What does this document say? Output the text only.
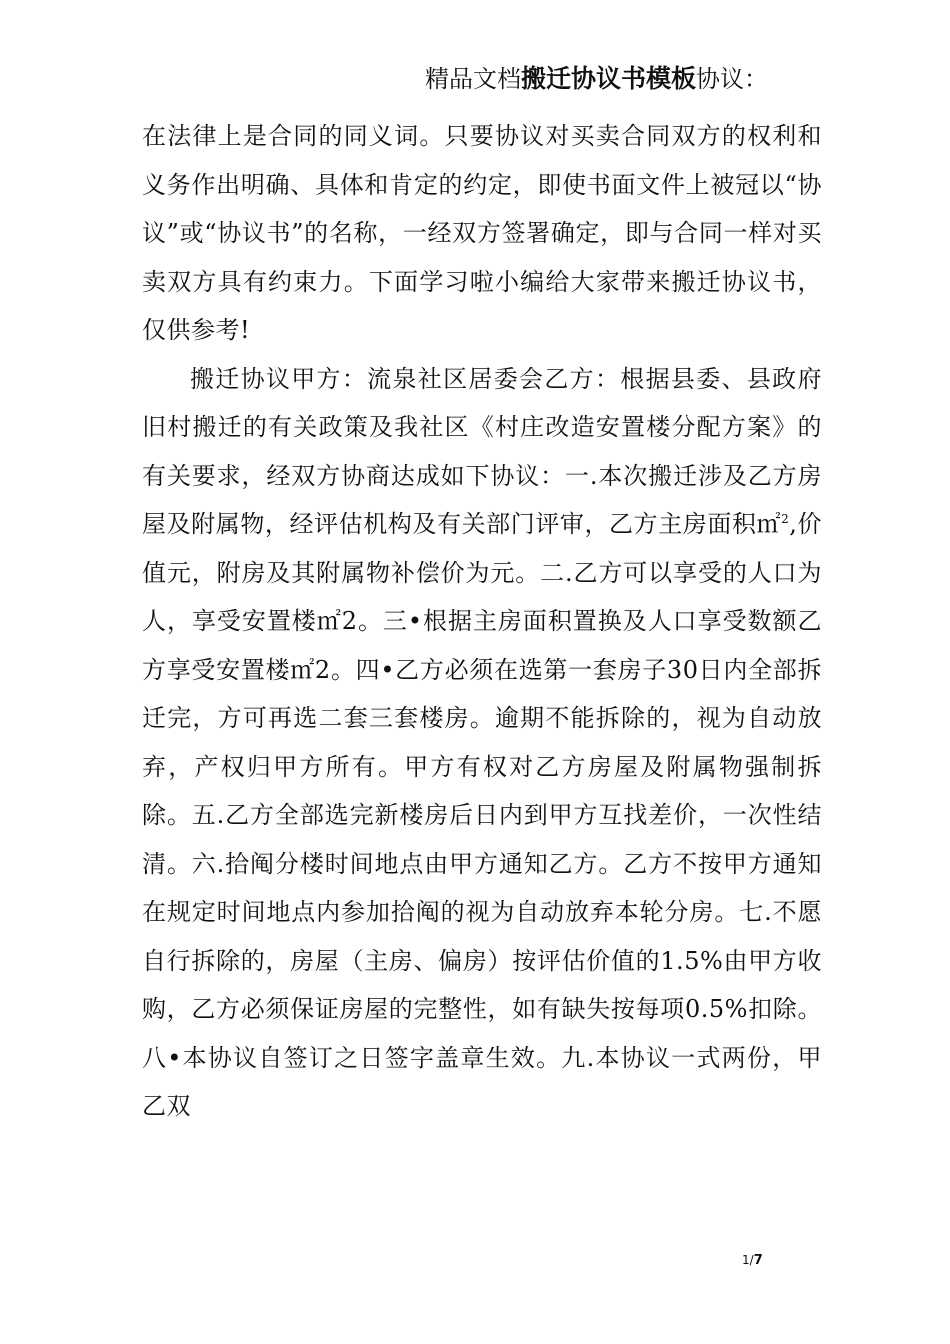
精品文档搬迁协议书模板协议：

在法律上是合同的同义词。只要协议对买卖合同双方的权利和义务作出明确、具体和肯定的约定，即使书面文件上被冠以“协议”或“协议书”的名称，一经双方签署确定，即与合同一样对买卖双方具有约束力。下面学习啦小编给大家带来搬迁协议书，仅供参考!

搬迁协议甲方：流泉社区居委会乙方：根据县委、县政府旧村搬迁的有关政策及我社区《村庄改造安置楼分配方案》的有关要求，经双方协商达成如下协议：一.本次搬迁涉及乙方房屋及附属物，经评估机构及有关部门评审，乙方主房面积㎡$^2$,价值元，附房及其附属物补偿价为元。二.乙方可以享受的人口为人，享受安置楼㎡2。三•根据主房面积置换及人口享受数额乙方享受安置楼㎡2。四•乙方必须在选第一套房子30日内全部拆迁完，方可再选二套三套楼房。逾期不能拆除的，视为自动放弃，产权归甲方所有。甲方有权对乙方房屋及附属物强制拆除。五.乙方全部选完新楼房后日内到甲方互找差价，一次性结清。六.拾阄分楼时间地点由甲方通知乙方。乙方不按甲方通知在规定时间地点内参加拾阄的视为自动放弃本轮分房。七.不愿自行拆除的，房屋（主房、偏房）按评估价值的1.5%由甲方收购，乙方必须保证房屋的完整性，如有缺失按每项0.5%扣除。八•本协议自签订之日签字盖章生效。九.本协议一式两份，甲乙双

1/7
